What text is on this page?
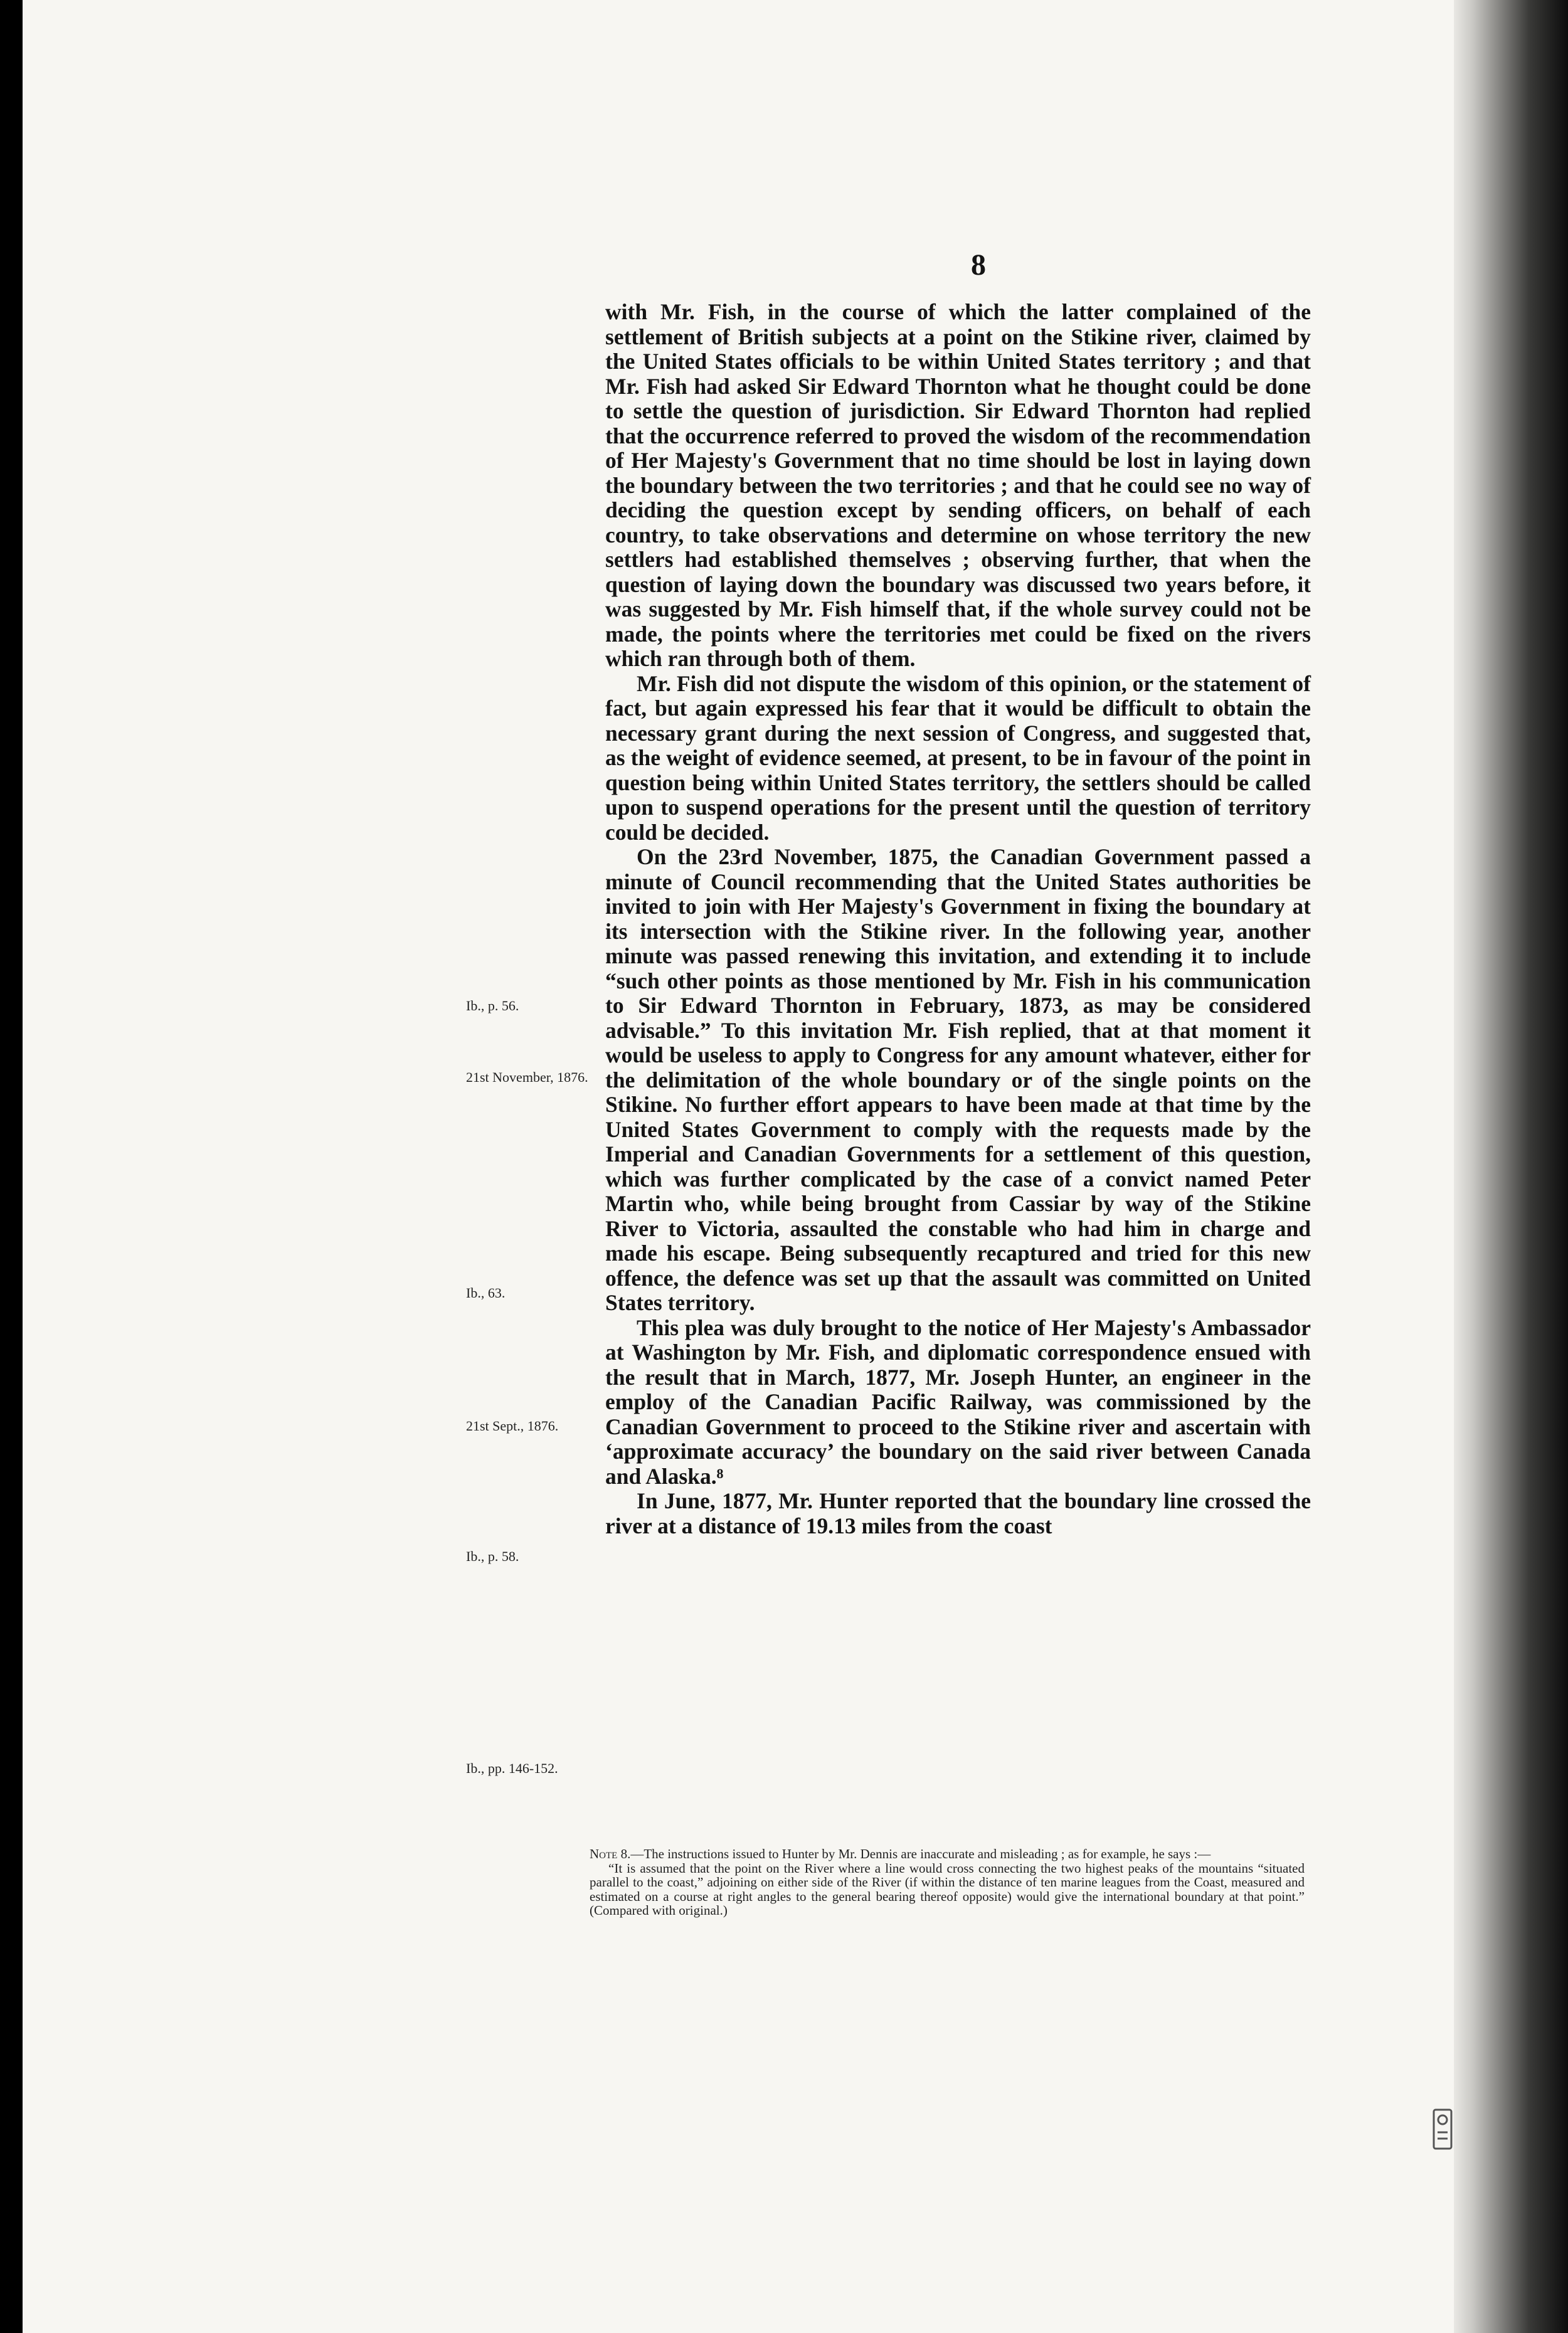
8

with Mr. Fish, in the course of which the latter complained of the settlement of British subjects at a point on the Stikine river, claimed by the United States officials to be within United States territory ; and that Mr. Fish had asked Sir Edward Thornton what he thought could be done to settle the question of jurisdiction. Sir Edward Thornton had replied that the occurrence referred to proved the wisdom of the recommendation of Her Majesty's Government that no time should be lost in laying down the boundary between the two territories ; and that he could see no way of deciding the question except by sending officers, on behalf of each country, to take observations and determine on whose territory the new settlers had established themselves ; observing further, that when the question of laying down the boundary was discussed two years before, it was suggested by Mr. Fish himself that, if the whole survey could not be made, the points where the territories met could be fixed on the rivers which ran through both of them.

Mr. Fish did not dispute the wisdom of this opinion, or the statement of fact, but again expressed his fear that it would be difficult to obtain the necessary grant during the next session of Congress, and suggested that, as the weight of evidence seemed, at present, to be in favour of the point in question being within United States territory, the settlers should be called upon to suspend operations for the present until the question of territory could be decided.

On the 23rd November, 1875, the Canadian Government passed a minute of Council recommending that the United States authorities be invited to join with Her Majesty's Government in fixing the boundary at its intersection with the Stikine river. In the following year, another minute was passed renewing this invitation, and extending it to include “such other points as those mentioned by Mr. Fish in his communication to Sir Edward Thornton in February, 1873, as may be considered advisable.” To this invitation Mr. Fish replied, that at that moment it would be useless to apply to Congress for any amount whatever, either for the delimitation of the whole boundary or of the single points on the Stikine. No further effort appears to have been made at that time by the United States Government to comply with the requests made by the Imperial and Canadian Governments for a settlement of this question, which was further complicated by the case of a convict named Peter Martin who, while being brought from Cassiar by way of the Stikine River to Victoria, assaulted the constable who had him in charge and made his escape. Being subsequently recaptured and tried for this new offence, the defence was set up that the assault was committed on United States territory.

This plea was duly brought to the notice of Her Majesty's Ambassador at Washington by Mr. Fish, and diplomatic correspondence ensued with the result that in March, 1877, Mr. Joseph Hunter, an engineer in the employ of the Canadian Pacific Railway, was commissioned by the Canadian Government to proceed to the Stikine river and ascertain with ‘approximate accuracy’ the boundary on the said river between Canada and Alaska.⁸

In June, 1877, Mr. Hunter reported that the boundary line crossed the river at a distance of 19.13 miles from the coast

Ib., p. 56.
21st November, 1876.
Ib., 63.
21st Sept., 1876.
Ib., p. 58.
Ib., pp. 146-152.

Note 8.—The instructions issued to Hunter by Mr. Dennis are inaccurate and misleading ; as for example, he says :—

“It is assumed that the point on the River where a line would cross connecting the two highest peaks of the mountains “situated parallel to the coast,” adjoining on either side of the River (if within the distance of ten marine leagues from the Coast, measured and estimated on a course at right angles to the general bearing thereof opposite) would give the international boundary at that point.” (Compared with original.)
